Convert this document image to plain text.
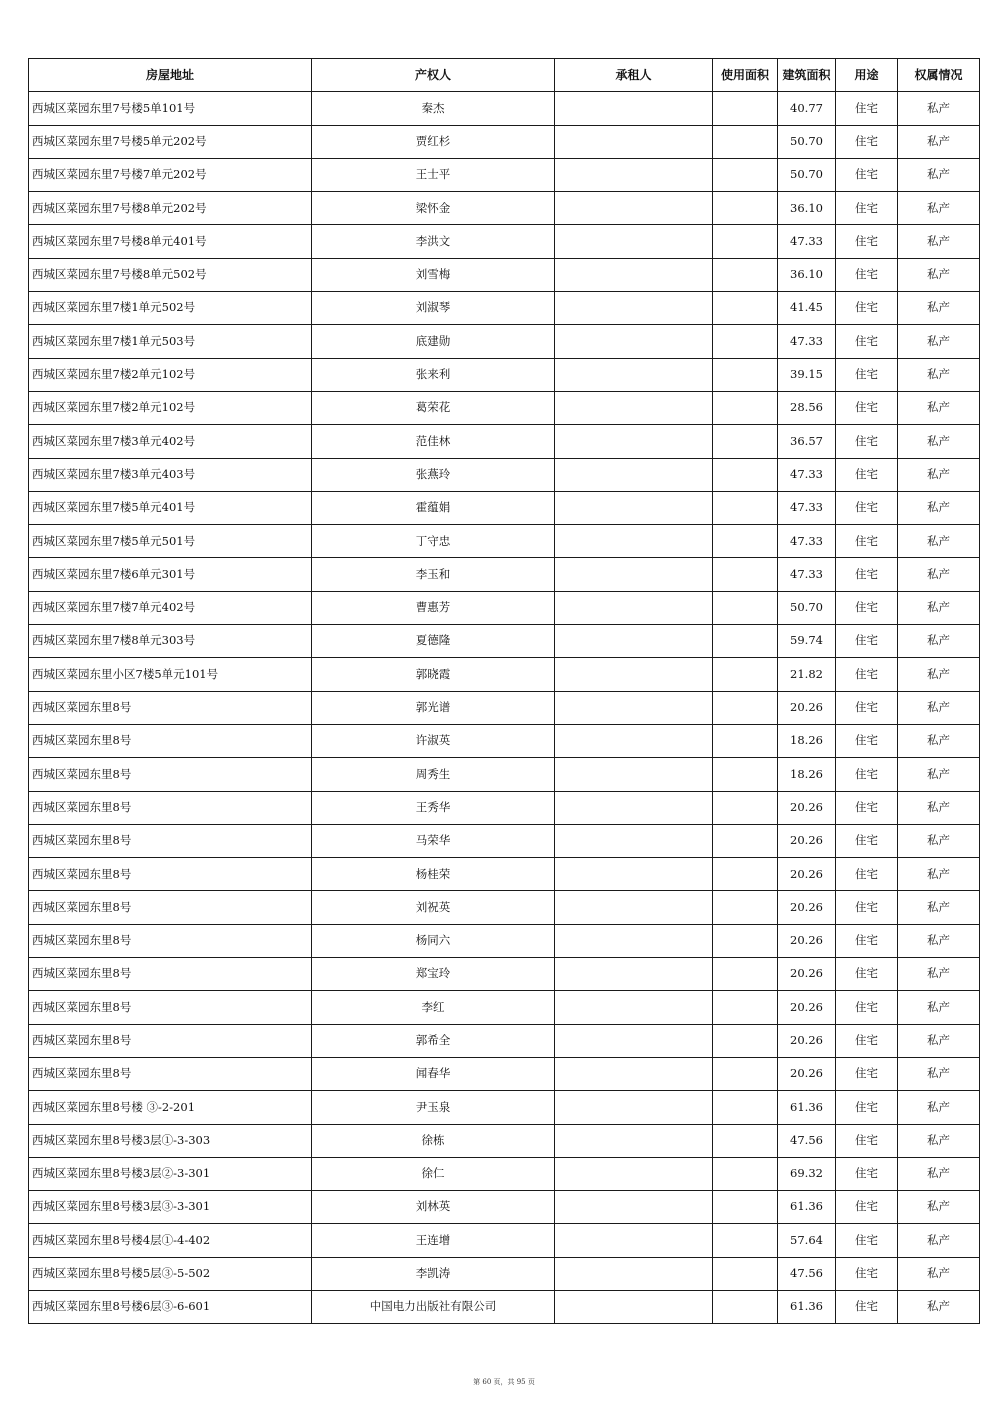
房屋地址	产权人	承租人	使用面积	建筑面积	用途	权属情况
西城区菜园东里7号楼5单101号	秦杰			40.77	住宅	私产
西城区菜园东里7号楼5单元202号	贾红杉			50.70	住宅	私产
西城区菜园东里7号楼7单元202号	王士平			50.70	住宅	私产
西城区菜园东里7号楼8单元202号	梁怀金			36.10	住宅	私产
西城区菜园东里7号楼8单元401号	李洪文			47.33	住宅	私产
西城区菜园东里7号楼8单元502号	刘雪梅			36.10	住宅	私产
西城区菜园东里7楼1单元502号	刘淑琴			41.45	住宅	私产
西城区菜园东里7楼1单元503号	底建勋			47.33	住宅	私产
西城区菜园东里7楼2单元102号	张来利			39.15	住宅	私产
西城区菜园东里7楼2单元102号	葛荣花			28.56	住宅	私产
西城区菜园东里7楼3单元402号	范佳林			36.57	住宅	私产
西城区菜园东里7楼3单元403号	张燕玲			47.33	住宅	私产
西城区菜园东里7楼5单元401号	霍蕴娟			47.33	住宅	私产
西城区菜园东里7楼5单元501号	丁守忠			47.33	住宅	私产
西城区菜园东里7楼6单元301号	李玉和			47.33	住宅	私产
西城区菜园东里7楼7单元402号	曹惠芳			50.70	住宅	私产
西城区菜园东里7楼8单元303号	夏德隆			59.74	住宅	私产
西城区菜园东里小区7楼5单元101号	郭晓霞			21.82	住宅	私产
西城区菜园东里8号	郭光谱			20.26	住宅	私产
西城区菜园东里8号	许淑英			18.26	住宅	私产
西城区菜园东里8号	周秀生			18.26	住宅	私产
西城区菜园东里8号	王秀华			20.26	住宅	私产
西城区菜园东里8号	马荣华			20.26	住宅	私产
西城区菜园东里8号	杨桂荣			20.26	住宅	私产
西城区菜园东里8号	刘祝英			20.26	住宅	私产
西城区菜园东里8号	杨同六			20.26	住宅	私产
西城区菜园东里8号	郑宝玲			20.26	住宅	私产
西城区菜园东里8号	李红			20.26	住宅	私产
西城区菜园东里8号	郭希全			20.26	住宅	私产
西城区菜园东里8号	闻春华			20.26	住宅	私产
西城区菜园东里8号楼 ③-2-201	尹玉泉			61.36	住宅	私产
西城区菜园东里8号楼3层①-3-303	徐栋			47.56	住宅	私产
西城区菜园东里8号楼3层②-3-301	徐仁			69.32	住宅	私产
西城区菜园东里8号楼3层③-3-301	刘林英			61.36	住宅	私产
西城区菜园东里8号楼4层①-4-402	王连增			57.64	住宅	私产
西城区菜园东里8号楼5层③-5-502	李凯涛			47.56	住宅	私产
西城区菜园东里8号楼6层③-6-601	中国电力出版社有限公司			61.36	住宅	私产
第 60 页，共 95 页
